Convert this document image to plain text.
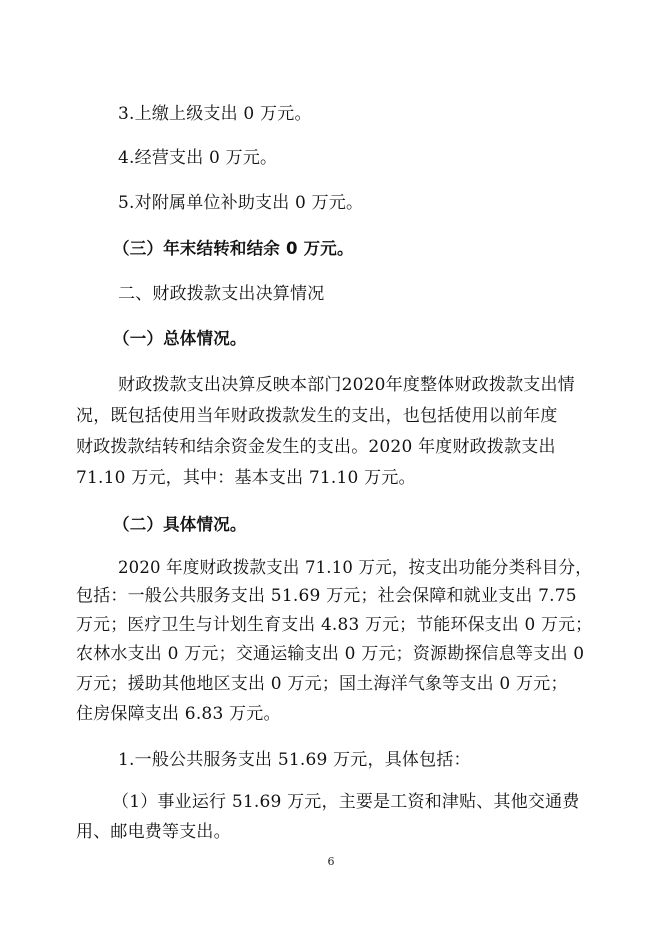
3.上缴上级支出 0 万元。
4.经营支出 0 万元。
5.对附属单位补助支出 0 万元。
（三）年末结转和结余 0 万元。
二、财政拨款支出决算情况
（一）总体情况。
财政拨款支出决算反映本部门2020年度整体财政拨款支出情
况，既包括使用当年财政拨款发生的支出，也包括使用以前年度
财政拨款结转和结余资金发生的支出。2020 年度财政拨款支出
71.10 万元，其中：基本支出 71.10 万元。
（二）具体情况。
2020 年度财政拨款支出 71.10 万元，按支出功能分类科目分，
包括：一般公共服务支出 51.69 万元；社会保障和就业支出 7.75
万元；医疗卫生与计划生育支出 4.83 万元；节能环保支出 0 万元；
农林水支出 0 万元；交通运输支出 0 万元；资源勘探信息等支出 0
万元；援助其他地区支出 0 万元；国土海洋气象等支出 0 万元；
住房保障支出 6.83 万元。
1.一般公共服务支出 51.69 万元，具体包括：
（1）事业运行 51.69 万元，主要是工资和津贴、其他交通费
用、邮电费等支出。
6
